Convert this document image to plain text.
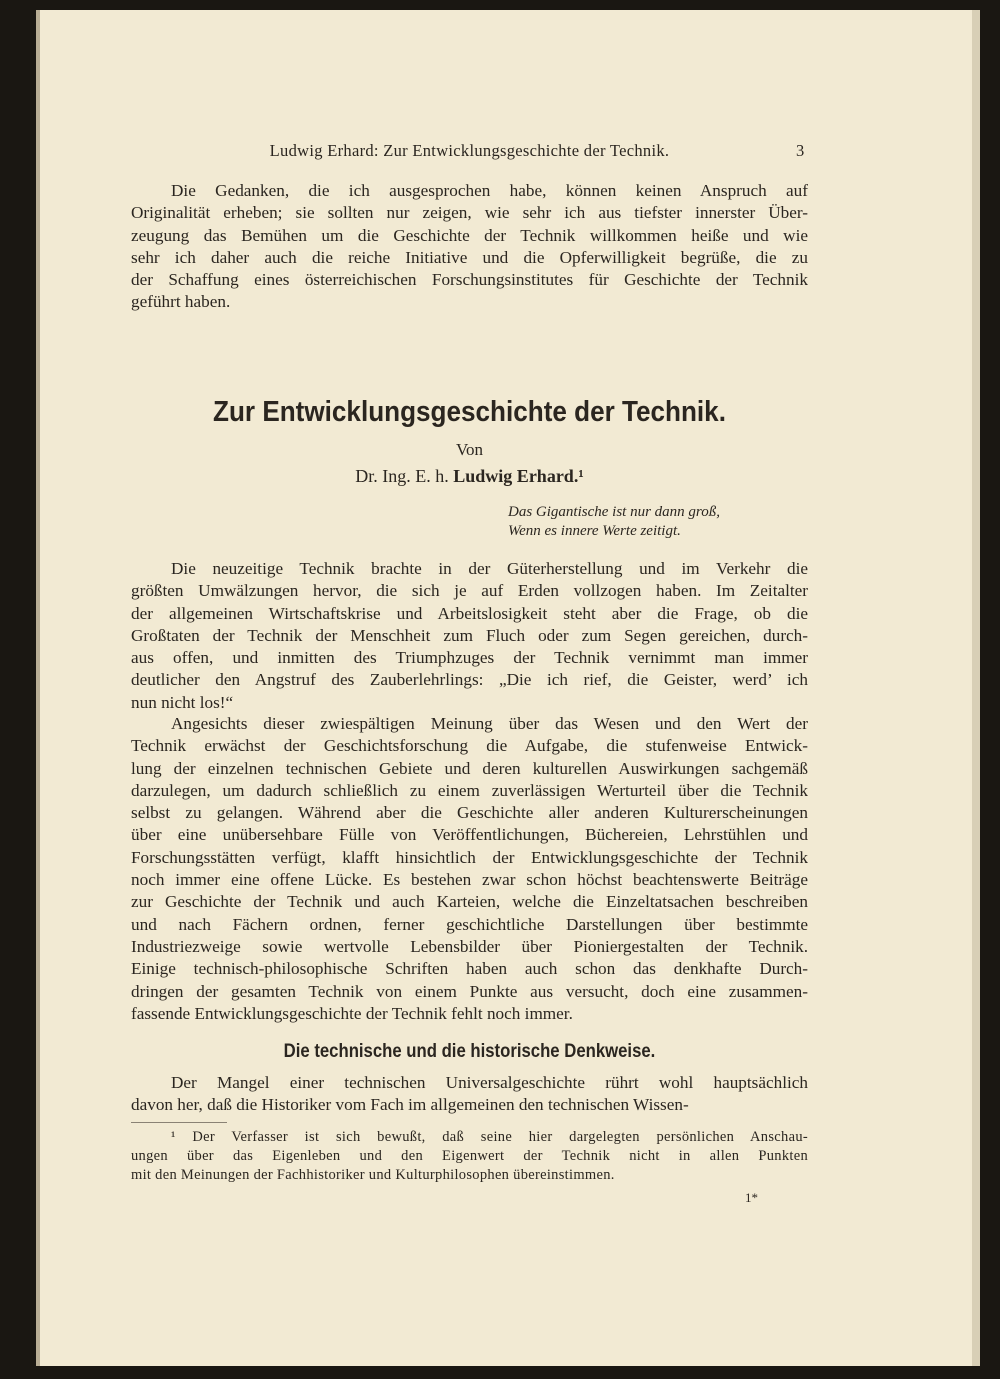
Ludwig Erhard: Zur Entwicklungsgeschichte der Technik.	3
Die Gedanken, die ich ausgesprochen habe, können keinen Anspruch auf
Originalität erheben; sie sollten nur zeigen, wie sehr ich aus tiefster innerster Über-
zeugung das Bemühen um die Geschichte der Technik willkommen heiße und wie
sehr ich daher auch die reiche Initiative und die Opferwilligkeit begrüße, die zu
der Schaffung eines österreichischen Forschungsinstitutes für Geschichte der Technik
geführt haben.
Zur Entwicklungsgeschichte der Technik.
Von
Dr. Ing. E. h. Ludwig Erhard.¹
Das Gigantische ist nur dann groß,
Wenn es innere Werte zeitigt.
Die neuzeitige Technik brachte in der Güterherstellung und im Verkehr die
größten Umwälzungen hervor, die sich je auf Erden vollzogen haben. Im Zeitalter
der allgemeinen Wirtschaftskrise und Arbeitslosigkeit steht aber die Frage, ob die
Großtaten der Technik der Menschheit zum Fluch oder zum Segen gereichen, durch-
aus offen, und inmitten des Triumphzuges der Technik vernimmt man immer
deutlicher den Angstruf des Zauberlehrlings: „Die ich rief, die Geister, werd’ ich
nun nicht los!“
Angesichts dieser zwiespältigen Meinung über das Wesen und den Wert der
Technik erwächst der Geschichtsforschung die Aufgabe, die stufenweise Entwick-
lung der einzelnen technischen Gebiete und deren kulturellen Auswirkungen sachgemäß
darzulegen, um dadurch schließlich zu einem zuverlässigen Werturteil über die Technik
selbst zu gelangen. Während aber die Geschichte aller anderen Kulturerscheinungen
über eine unübersehbare Fülle von Veröffentlichungen, Büchereien, Lehrstühlen und
Forschungsstätten verfügt, klafft hinsichtlich der Entwicklungsgeschichte der Technik
noch immer eine offene Lücke. Es bestehen zwar schon höchst beachtenswerte Beiträge
zur Geschichte der Technik und auch Karteien, welche die Einzeltatsachen beschreiben
und nach Fächern ordnen, ferner geschichtliche Darstellungen über bestimmte
Industriezweige sowie wertvolle Lebensbilder über Pioniergestalten der Technik.
Einige technisch-philosophische Schriften haben auch schon das denkhafte Durch-
dringen der gesamten Technik von einem Punkte aus versucht, doch eine zusammen-
fassende Entwicklungsgeschichte der Technik fehlt noch immer.
Die technische und die historische Denkweise.
Der Mangel einer technischen Universalgeschichte rührt wohl hauptsächlich
davon her, daß die Historiker vom Fach im allgemeinen den technischen Wissen-
¹ Der Verfasser ist sich bewußt, daß seine hier dargelegten persönlichen Anschau-
ungen über das Eigenleben und den Eigenwert der Technik nicht in allen Punkten
mit den Meinungen der Fachhistoriker und Kulturphilosophen übereinstimmen.
1*
